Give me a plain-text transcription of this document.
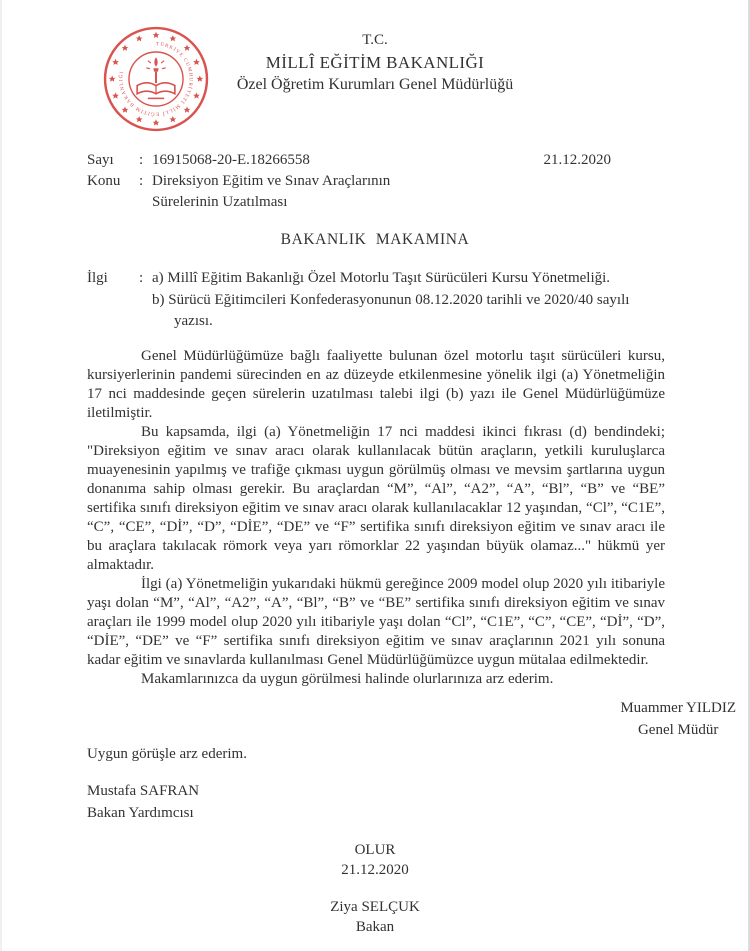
TÜRKİYE CUMHURİYETİ MİLLÎ EĞİTİM BAKANLIĞI
T.C.
MİLLÎ EĞİTİM BAKANLIĞI
Özel Öğretim Kurumları Genel Müdürlüğü
Sayı	: 16915068-20-E.18266558	21.12.2020
Konu	: Direksiyon Eğitim ve Sınav Araçlarının
Sürelerinin Uzatılması
BAKANLIK MAKAMINA
İlgi	: a) Millî Eğitim Bakanlığı Özel Motorlu Taşıt Sürücüleri Kursu Yönetmeliği.
b) Sürücü Eğitimcileri Konfederasyonunun 08.12.2020 tarihli ve 2020/40 sayılı
yazısı.

Genel Müdürlüğümüze bağlı faaliyette bulunan özel motorlu taşıt sürücüleri kursu, kursiyerlerinin pandemi sürecinden en az düzeyde etkilenmesine yönelik ilgi (a) Yönetmeliğin 17 nci maddesinde geçen sürelerin uzatılması talebi ilgi (b) yazı ile Genel Müdürlüğümüze iletilmiştir.

Bu kapsamda, ilgi (a) Yönetmeliğin 17 nci maddesi ikinci fıkrası (d) bendindeki; "Direksiyon eğitim ve sınav aracı olarak kullanılacak bütün araçların, yetkili kuruluşlarca muayenesinin yapılmış ve trafiğe çıkması uygun görülmüş olması ve mevsim şartlarına uygun donanıma sahip olması gerekir. Bu araçlardan “M”, “Al”, “A2”, “A”, “Bl”, “B” ve “BE” sertifika sınıfı direksiyon eğitim ve sınav aracı olarak kullanılacaklar 12 yaşından, “Cl”, “C1E”, “C”, “CE”, “Dİ”, “D”, “DİE”, “DE” ve “F” sertifika sınıfı direksiyon eğitim ve sınav aracı ile bu araçlara takılacak römork veya yarı römorklar 22 yaşından büyük olamaz..." hükmü yer almaktadır.

İlgi (a) Yönetmeliğin yukarıdaki hükmü gereğince 2009 model olup 2020 yılı itibariyle yaşı dolan “M”, “Al”, “A2”, “A”, “Bl”, “B” ve “BE” sertifika sınıfı direksiyon eğitim ve sınav araçları ile 1999 model olup 2020 yılı itibariyle yaşı dolan “Cl”, “C1E”, “C”, “CE”, “Dİ”, “D”, “DİE”, “DE” ve “F” sertifika sınıfı direksiyon eğitim ve sınav araçlarının 2021 yılı sonuna kadar eğitim ve sınavlarda kullanılması Genel Müdürlüğümüzce uygun mütalaa edilmektedir.

Makamlarınızca da uygun görülmesi halinde olurlarınıza arz ederim.

Muammer YILDIZ
Genel Müdür
Uygun görüşle arz ederim.
Mustafa SAFRAN
Bakan Yardımcısı
OLUR
21.12.2020
Ziya SELÇUK
Bakan
